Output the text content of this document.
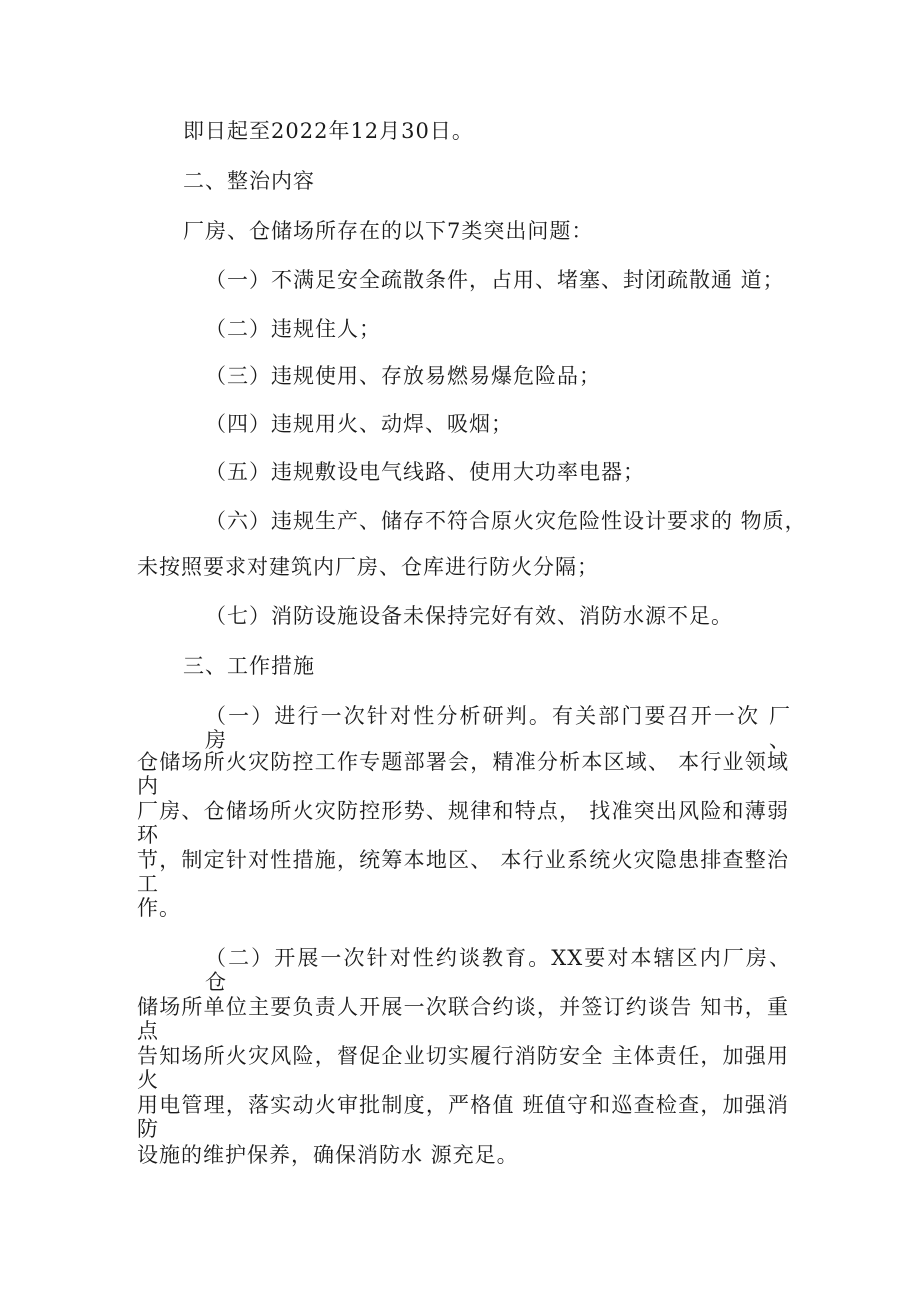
即日起至2022年12月30日。
二、整治内容
厂房、仓储场所存在的以下7类突出问题：
（一）不满足安全疏散条件，占用、堵塞、封闭疏散通 道；
（二）违规住人；
（三）违规使用、存放易燃易爆危险品；
（四）违规用火、动焊、吸烟；
（五）违规敷设电气线路、使用大功率电器；
（六）违规生产、储存不符合原火灾危险性设计要求的 物质，
未按照要求对建筑内厂房、仓库进行防火分隔；
（七）消防设施设备未保持完好有效、消防水源不足。
三、工作措施
（一）进行一次针对性分析研判。有关部门要召开一次 厂房、
仓储场所火灾防控工作专题部署会，精准分析本区域、 本行业领域内
厂房、仓储场所火灾防控形势、规律和特点， 找准突出风险和薄弱环
节，制定针对性措施，统筹本地区、 本行业系统火灾隐患排查整治工
作。
（二）开展一次针对性约谈教育。XX要对本辖区内厂房、 仓
储场所单位主要负责人开展一次联合约谈，并签订约谈告 知书，重点
告知场所火灾风险，督促企业切实履行消防安全 主体责任，加强用火
用电管理，落实动火审批制度，严格值 班值守和巡查检查，加强消防
设施的维护保养，确保消防水 源充足。
